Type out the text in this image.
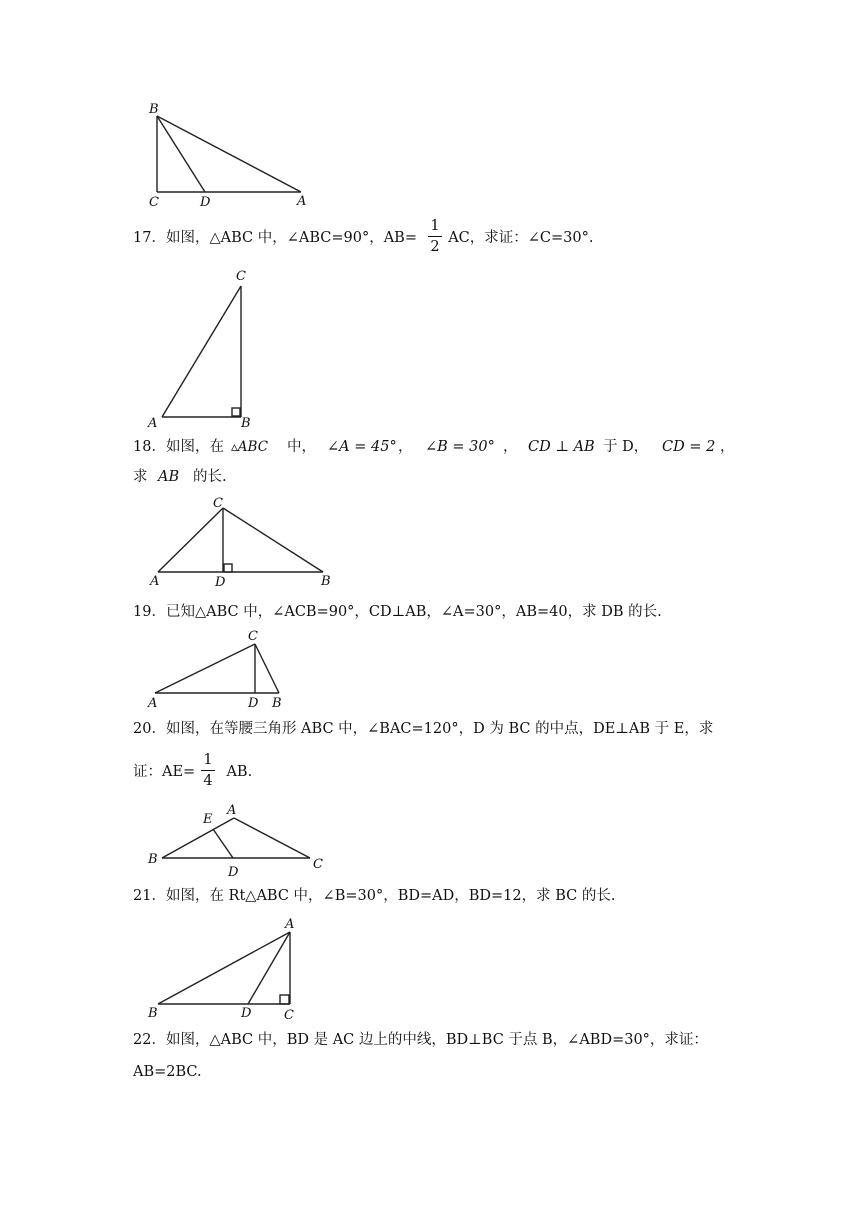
B
C	D	A
C
A	B
C
A	D	B
C
A	D B
E
A
B
D
C
A
B	D	C
17．如图，△ABC 中，∠ABC=90°，AB= AC，求证：∠C=30°.
1
2
18．如图，在 ▵ABC 中， ∠A = 45° ， ∠B = 30° ， CD ⊥ AB 于 D， CD = 2 ，
求 AB 的长.
19．已知△ABC 中，∠ACB=90°，CD⊥AB，∠A=30°，AB=40，求 DB 的长.
20．如图，在等腰三角形 ABC 中，∠BAC=120°，D 为 BC 的中点，DE⊥AB 于 E，求
证：AE= AB.
1
4
21．如图，在 Rt△ABC 中，∠B=30°，BD=AD，BD=12，求 BC 的长.
22．如图，△ABC 中，BD 是 AC 边上的中线，BD⊥BC 于点 B，∠ABD=30°，求证：
AB=2BC.
